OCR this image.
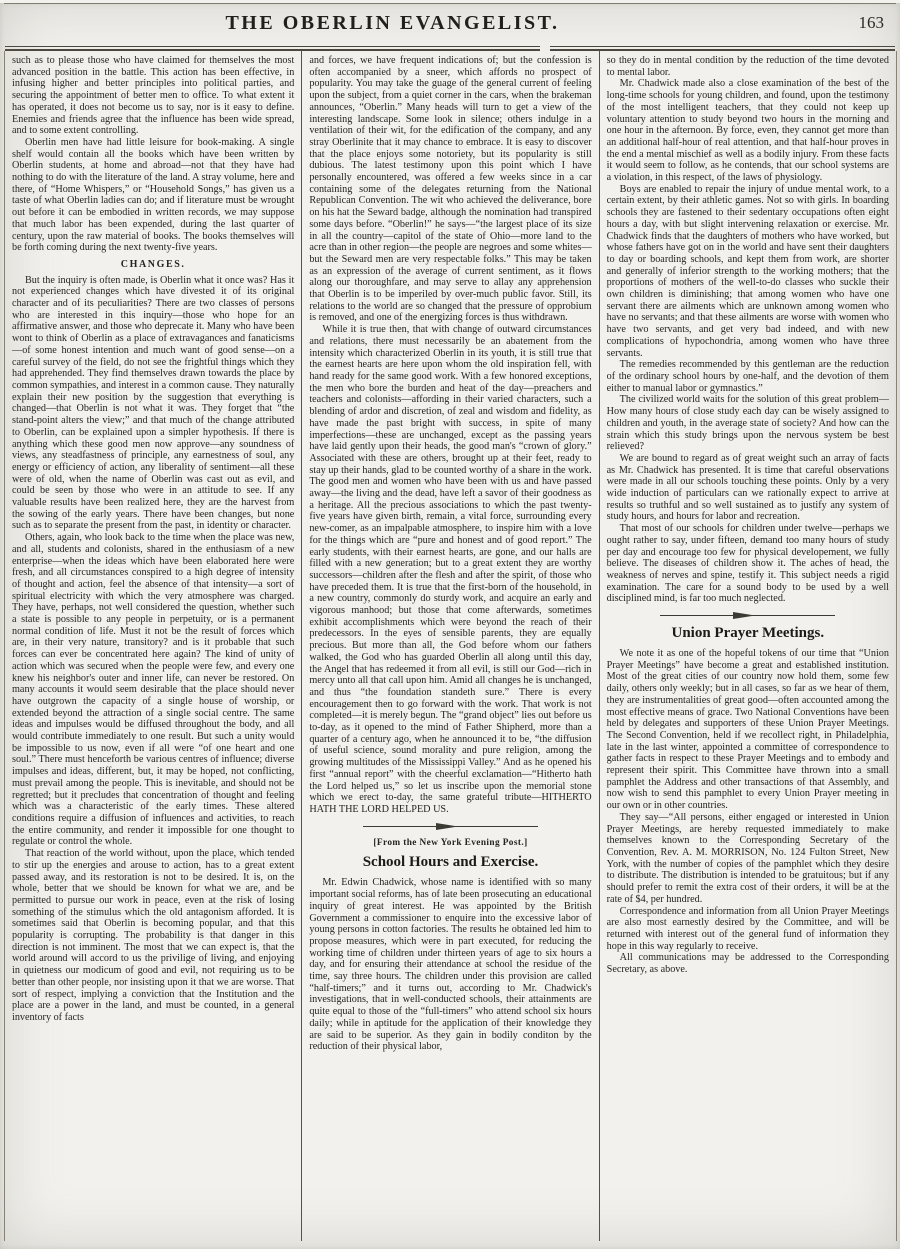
THE OBERLIN EVANGELIST.	163
such as to please those who have claimed for themselves the most advanced position in the battle. This action has been effective, in infusing higher and better principles into political parties, and securing the appointment of better men to office. To what extent it has operated, it does not become us to say, nor is it easy to define. Enemies and friends agree that the influence has been wide spread, and to some extent controlling.
Oberlin men have had little leisure for book-making. A single shelf would contain all the books which have been written by Oberlin students, at home and abroad—not that they have had nothing to do with the literature of the land. A stray volume, here and there, of “Home Whispers,” or “Household Songs,” has given us a taste of what Oberlin ladies can do; and if literature must be wrought out before it can be embodied in written records, we may suppose that much labor has been expended, during the last quarter of century, upon the raw material of books. The books themselves will be forth coming during the next twenty-five years.
CHANGES.
But the inquiry is often made, is Oberlin what it once was? Has it not experienced changes which have divested it of its original character and of its peculiarities? There are two classes of persons who are interested in this inquiry—those who hope for an affirmative answer, and those who deprecate it. Many who have been wont to think of Oberlin as a place of extravagances and fanaticisms—of some honest intention and much want of good sense—on a careful survey of the field, do not see the frightful things which they had apprehended. They find themselves drawn towards the place by common sympathies, and interest in a common cause. They naturally explain their new position by the suggestion that everything is changed—that Oberlin is not what it was. They forget that “the stand-point alters the view;” and that much of the change attributed to Oberlin, can be explained upon a simpler hypothesis. If there is anything which these good men now approve—any soundness of views, any steadfastness of principle, any earnestness of soul, any energy or efficiency of action, any liberality of sentiment—all these were of old, when the name of Oberlin was cast out as evil, and could be seen by those who were in an attitude to see. If any valuable results have been realized here, they are the harvest from the sowing of the early years. There have been changes, but none such as to separate the present from the past, in identity or character.
Others, again, who look back to the time when the place was new, and all, students and colonists, shared in the enthusiasm of a new enterprise—when the ideas which have been elaborated here were fresh, and all circumstances conspired to a high degree of intensity of thought and action, feel the absence of that intensity—a sort of spiritual electricity with which the very atmosphere was charged. They have, perhaps, not well considered the question, whether such a state is possible to any people in perpetuity, or is a permanent normal condition of life. Must it not be the result of forces which are, in their very nature, transitory? and is it probable that such forces can ever be concentrated here again? The kind of unity of action which was secured when the people were few, and every one knew his neighbor's outer and inner life, can never be restored. On many accounts it would seem desirable that the place should never have outgrown the capacity of a single house of worship, or extended beyond the attraction of a single social centre. The same ideas and impulses would be diffused throughout the body, and all would contribute immediately to one result. But such a unity would be impossible to us now, even if all were “of one heart and one soul.” There must henceforth be various centres of influence; diverse impulses and ideas, different, but, it may be hoped, not conflicting, must prevail among the people. This is inevitable, and should not be regretted; but it precludes that concentration of thought and feeling which was a characteristic of the early times. These altered conditions require a diffusion of influences and activities, to reach the entire community, and render it impossible for one thought to regulate or control the whole.
That reaction of the world without, upon the place, which tended to stir up the energies and arouse to action, has to a great extent passed away, and its restoration is not to be desired. It is, on the whole, better that we should be known for what we are, and be permitted to pursue our work in peace, even at the risk of losing something of the stimulus which the old antagonism afforded. It is sometimes said that Oberlin is becoming popular, and that this popularity is corrupting. The probability is that danger in this direction is not imminent. The most that we can expect is, that the world around will accord to us the privilige of living, and enjoying in quietness our modicum of good and evil, not requiring us to be better than other people, nor insisting upon it that we are worse. That sort of respect, implying a conviction that the Institution and the place are a power in the land, and must be counted, in a general inventory of facts
and forces, we have frequent indications of; but the confession is often accompanied by a sneer, which affords no prospect of popularity. You may take the guage of the general current of feeling upon the subject, from a quiet corner in the cars, when the brakeman announces, “Oberlin.” Many heads will turn to get a view of the interesting landscape. Some look in silence; others indulge in a ventilation of their wit, for the edification of the company, and any stray Oberlinite that it may chance to embrace. It is easy to discover that the place enjoys some notoriety, but its popularity is still dubious. The latest testimony upon this point which I have personally encountered, was offered a few weeks since in a car containing some of the delegates returning from the National Republican Convention. The wit who achieved the deliverance, bore on his hat the Seward badge, although the nomination had transpired some days before. “Oberlin!” he says—“the largest place of its size in all the country—capitol of the state of Ohio—more land to the acre than in other region—the people are negroes and some whites—but the Seward men are very respectable folks.” This may be taken as an expression of the average of current sentiment, as it flows along our thoroughfare, and may serve to allay any apprehension that Oberlin is to be imperiled by over-much public favor. Still, its relations to the world are so changed that the pressure of opprobium is removed, and one of the energizing forces is thus withdrawn.
While it is true then, that with change of outward circumstances and relations, there must necessarily be an abatement from the intensity which characterized Oberlin in its youth, it is still true that the earnest hearts are here upon whom the old inspiration fell, with hand ready for the same good work. With a few honored exceptions, the men who bore the burden and heat of the day—preachers and teachers and colonists—affording in their varied characters, such a blending of ardor and discretion, of zeal and wisdom and fidelity, as have made the past bright with success, in spite of many imperfections—these are unchanged, except as the passing years have laid gently upon their heads, the good man's “crown of glory.” Associated with these are others, brought up at their feet, ready to stay up their hands, glad to be counted worthy of a share in the work. The good men and women who have been with us and have passed away—the living and the dead, have left a savor of their goodness as a heritage. All the precious associations to which the past twenty-five years have given birth, remain, a vital force, surrounding every new-comer, as an impalpable atmosphere, to inspire him with a love for the things which are “pure and honest and of good report.” The early students, with their earnest hearts, are gone, and our halls are filled with a new generation; but to a great extent they are worthy successors—children after the flesh and after the spirit, of those who have preceded them. It is true that the first-born of the household, in a new country, commonly do sturdy work, and acquire an early and vigorous manhood; but those that come afterwards, sometimes exhibit accomplishments which were beyond the reach of their predecessors. In the eyes of sensible parents, they are equally precious. But more than all, the God before whom our fathers walked, the God who has guarded Oberlin all along until this day, the Angel that has redeemed it from all evil, is still our God—rich in mercy unto all that call upon him. Amid all changes he is unchanged, and thus “the foundation standeth sure.” There is every encouragement then to go forward with the work. That work is not completed—it is merely begun. The “grand object” lies out before us to-day, as it opened to the mind of Father Shipherd, more than a quarter of a century ago, when he announced it to be, “the diffusion of useful science, sound morality and pure religion, among the growing multitudes of the Mississippi Valley.” And as he opened his first “annual report” with the cheerful exclamation—“Hitherto hath the Lord helped us,” so let us inscribe upon the memorial stone which we erect to-day, the same grateful tribute—HITHERTO HATH THE LORD HELPED US.
[From the New York Evening Post.]
School Hours and Exercise.
Mr. Edwin Chadwick, whose name is identified with so many important social reforms, has of late been prosecuting an educational inquiry of great interest. He was appointed by the British Government a commissioner to enquire into the excessive labor of young persons in cotton factories. The results he obtained led him to propose measures, which were in part executed, for reducing the working time of children under thirteen years of age to six hours a day, and for ensuring their attendance at school the residue of the time, say three hours. The children under this provision are called “half-timers;” and it turns out, according to Mr. Chadwick's investigations, that in well-conducted schools, their attainments are quite equal to those of the “full-timers” who attend school six hours daily; while in aptitude for the application of their knowledge they are said to be superior. As they gain in bodily conditon by the reduction of their physical labor,
so they do in mental condition by the reduction of the time devoted to mental labor.
Mr. Chadwick made also a close examination of the best of the long-time schools for young children, and found, upon the testimony of the most intelligent teachers, that they could not keep up voluntary attention to study beyond two hours in the morning and one hour in the afternoon. By force, even, they cannot get more than an additional half-hour of real attention, and that half-hour proves in the end a mental mischief as well as a bodily injury. From these facts it would seem to follow, as he contends, that our school systems are a violation, in this respect, of the laws of physiology.
Boys are enabled to repair the injury of undue mental work, to a certain extent, by their athletic games. Not so with girls. In boarding schools they are fastened to their sedentary occupations often eight hours a day, with but slight intervening relaxation or exercise. Mr. Chadwick finds that the daughters of mothers who have worked, but whose fathers have got on in the world and have sent their daughters to day or boarding schools, and kept them from work, are shorter and generally of inferior strength to the working mothers; that the proportions of mothers of the well-to-do classes who suckle their own children is diminishing; that among women who have one servant there are ailments which are unknown among women who have no servants; and that these ailments are worse with women who have two servants, and get very bad indeed, and with new complications of hypochondria, among women who have three servants.
The remedies recommended by this gentleman are the reduction of the ordinary school hours by one-half, and the devotion of them either to manual labor or gymnastics.”
The civilized world waits for the solution of this great problem—How many hours of close study each day can be wisely assigned to children and youth, in the average state of society? And how can the strain which this study brings upon the nervous system be best relieved?
We are bound to regard as of great weight such an array of facts as Mr. Chadwick has presented. It is time that careful observations were made in all our schools touching these points. Only by a very wide induction of particulars can we rationally expect to arrive at results so truthful and so well sustained as to justify any system of study hours, and hours for labor and recreation.
That most of our schools for children under twelve—perhaps we ought rather to say, under fifteen, demand too many hours of study per day and encourage too few for physical developement, we fully believe. The diseases of children show it. The aches of head, the weakness of nerves and spine, testify it. This subject needs a rigid examination. The care for a sound body to be used by a well disciplined mind, is far too much neglected.
Union Prayer Meetings.
We note it as one of the hopeful tokens of our time that “Union Prayer Meetings” have become a great and established institution. Most of the great cities of our country now hold them, some few daily, others only weekly; but in all cases, so far as we hear of them, they are instrumentalities of great good—often accounted among the most effective means of grace. Two National Conventions have been held by delegates and supporters of these Union Prayer Meetings. The Second Convention, held if we recollect right, in Philadelphia, late in the last winter, appointed a committee of correspondence to gather facts in respect to these Prayer Meetings and to embody and represent their spirit. This Committee have thrown into a small pamphlet the Address and other transactions of that Assembly, and now wish to send this pamphlet to every Union Prayer meeting in our own or in other countries.
They say—“All persons, either engaged or interested in Union Prayer Meetings, are hereby requested immediately to make themselves known to the Corresponding Secretary of the Convention, Rev. A. M. MORRISON, No. 124 Fulton Street, New York, with the number of copies of the pamphlet which they desire to distribute. The distribution is intended to be gratuitous; but if any should prefer to remit the extra cost of their orders, it will be at the rate of $4, per hundred.
Correspondence and information from all Union Prayer Meetings are also most earnestly desired by the Committee, and will be returned with interest out of the general fund of information they hope in this way regularly to receive.
All communications may be addressed to the Corresponding Secretary, as above.
